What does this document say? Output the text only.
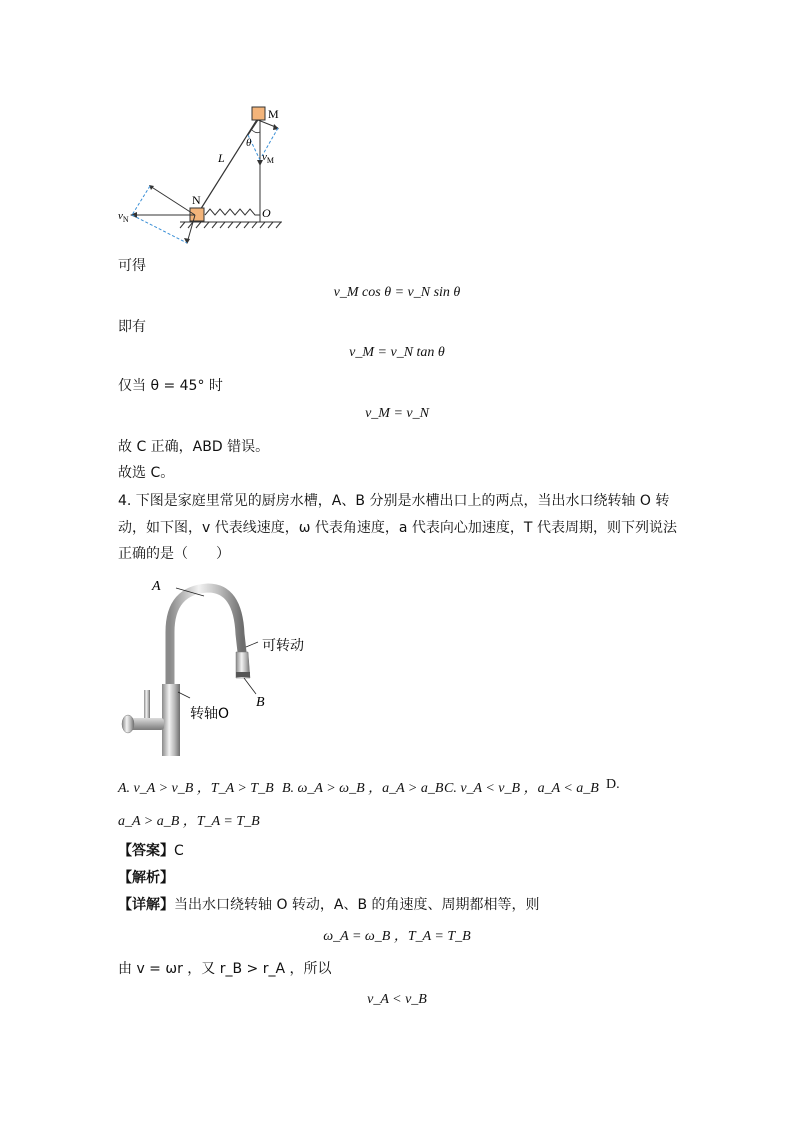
M
θ
L	$v_M$
N
$v_N$	O
可得
v_M cos θ = v_N sin θ
即有
v_M = v_N tan θ
仅当 θ = 45° 时
v_M = v_N
故 C 正确，ABD 错误。
故选 C。
4. 下图是家庭里常见的厨房水槽，A、B 分别是水槽出口上的两点，当出水口绕转轴 O 转
动，如下图，v 代表线速度，ω 代表角速度，a 代表向心加速度，T 代表周期，则下列说法
正确的是（　　）
A
可转动
B
转轴O
A. v_A > v_B ，T_A > T_B B. ω_A > ω_B ，a_A > a_B C. v_A < v_B ，a_A < a_B D.
a_A > a_B ，T_A = T_B
【答案】C
【解析】
【详解】当出水口绕转轴 O 转动，A、B 的角速度、周期都相等，则
ω_A = ω_B ，T_A = T_B
由 v = ωr ，又 r_B > r_A ，所以
v_A < v_B
